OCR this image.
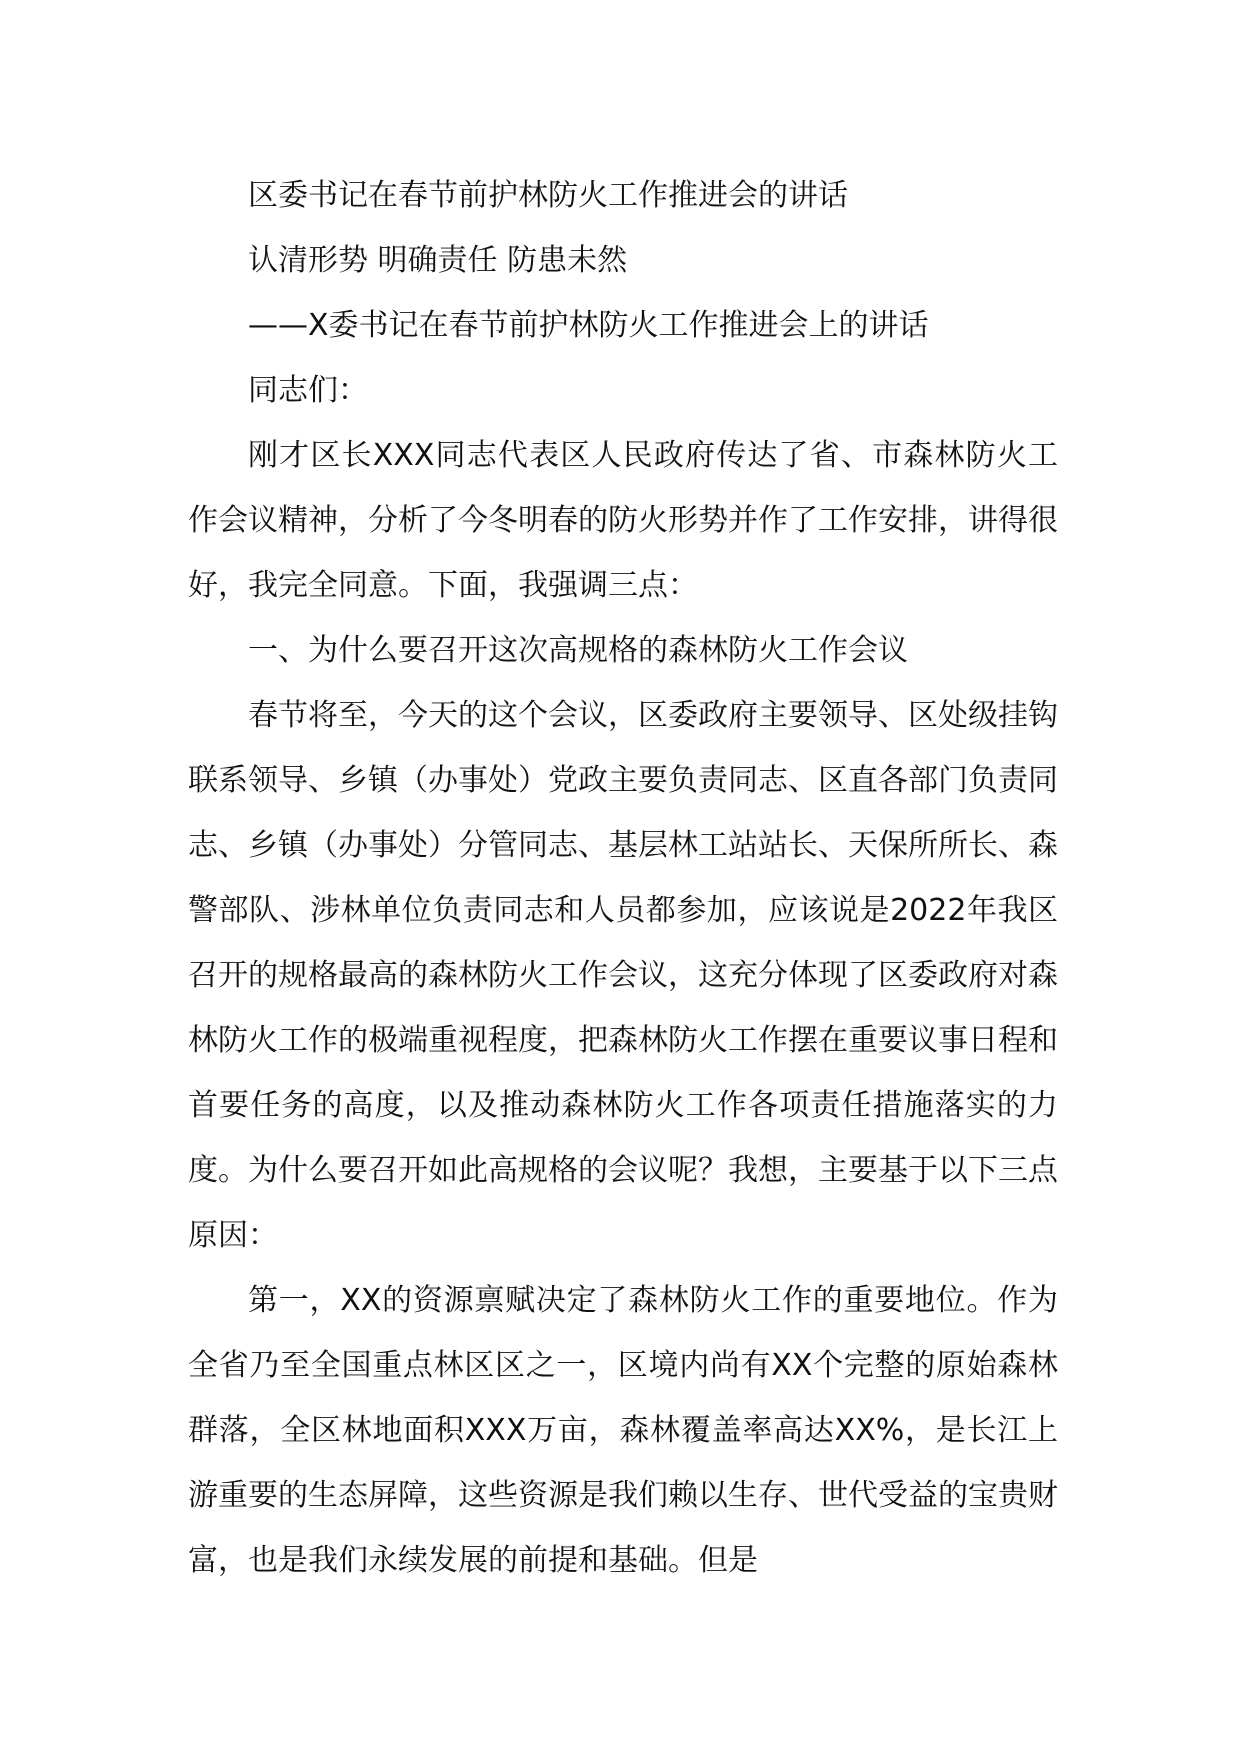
区委书记在春节前护林防火工作推进会的讲话
认清形势 明确责任 防患未然
——X委书记在春节前护林防火工作推进会上的讲话
同志们：

刚才区长XXX同志代表区人民政府传达了省、市森林防火工作会议精神，分析了今冬明春的防火形势并作了工作安排，讲得很好，我完全同意。下面，我强调三点：

一、为什么要召开这次高规格的森林防火工作会议

春节将至，今天的这个会议，区委政府主要领导、区处级挂钩联系领导、乡镇（办事处）党政主要负责同志、区直各部门负责同志、乡镇（办事处）分管同志、基层林工站站长、天保所所长、森警部队、涉林单位负责同志和人员都参加，应该说是2022年我区召开的规格最高的森林防火工作会议，这充分体现了区委政府对森林防火工作的极端重视程度，把森林防火工作摆在重要议事日程和首要任务的高度，以及推动森林防火工作各项责任措施落实的力度。为什么要召开如此高规格的会议呢？我想，主要基于以下三点原因：

第一，XX的资源禀赋决定了森林防火工作的重要地位。作为全省乃至全国重点林区区之一，区境内尚有XX个完整的原始森林群落，全区林地面积XXX万亩，森林覆盖率高达XX%，是长江上游重要的生态屏障，这些资源是我们赖以生存、世代受益的宝贵财富，也是我们永续发展的前提和基础。但是
